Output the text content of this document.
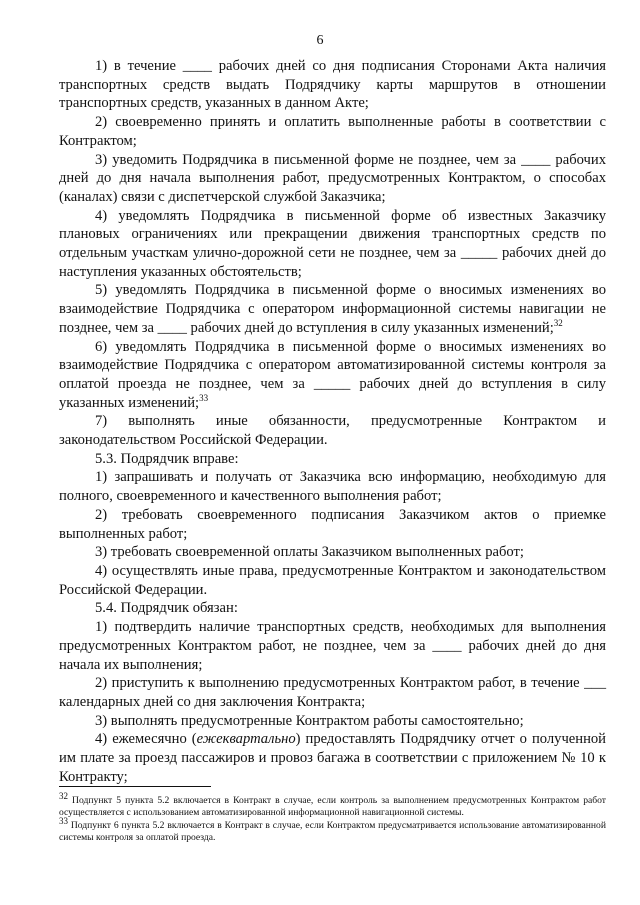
6

1) в течение ____ рабочих дней со дня подписания Сторонами Акта наличия транспортных средств выдать Подрядчику карты маршрутов в отношении транспортных средств, указанных в данном Акте;

2) своевременно принять и оплатить выполненные работы в соответствии с Контрактом;

3) уведомить Подрядчика в письменной форме не позднее, чем за ____ рабочих дней до дня начала выполнения работ, предусмотренных Контрактом, о способах (каналах) связи с диспетчерской службой Заказчика;

4) уведомлять Подрядчика в письменной форме об известных Заказчику плановых ограничениях или прекращении движения транспортных средств по отдельным участкам улично-дорожной сети не позднее, чем за _____ рабочих дней до наступления указанных обстоятельств;

5) уведомлять Подрядчика в письменной форме о вносимых изменениях во взаимодействие Подрядчика с оператором информационной системы навигации не позднее, чем за ____ рабочих дней до вступления в силу указанных изменений;$^{32}$

6) уведомлять Подрядчика в письменной форме о вносимых изменениях во взаимодействие Подрядчика с оператором автоматизированной системы контроля за оплатой проезда не позднее, чем за _____ рабочих дней до вступления в силу указанных изменений;$^{33}$

7) выполнять иные обязанности, предусмотренные Контрактом и законодательством Российской Федерации.

5.3. Подрядчик вправе:

1) запрашивать и получать от Заказчика всю информацию, необходимую для полного, своевременного и качественного выполнения работ;

2) требовать своевременного подписания Заказчиком актов о приемке выполненных работ;

3) требовать своевременной оплаты Заказчиком выполненных работ;

4) осуществлять иные права, предусмотренные Контрактом и законодательством Российской Федерации.

5.4. Подрядчик обязан:

1) подтвердить наличие транспортных средств, необходимых для выполнения предусмотренных Контрактом работ, не позднее, чем за ____ рабочих дней до дня начала их выполнения;

2) приступить к выполнению предусмотренных Контрактом работ, в течение ___ календарных дней со дня заключения Контракта;

3) выполнять предусмотренные Контрактом работы самостоятельно;

4) ежемесячно (ежеквартально) предоставлять Подрядчику отчет о полученной им плате за проезд пассажиров и провоз багажа в соответствии с приложением № 10 к Контракту;

$^{32}$ Подпункт 5 пункта 5.2 включается в Контракт в случае, если контроль за выполнением предусмотренных Контрактом работ осуществляется с использованием автоматизированной информационной навигационной системы.

$^{33}$ Подпункт 6 пункта 5.2 включается в Контракт в случае, если Контрактом предусматривается использование автоматизированной системы контроля за оплатой проезда.
